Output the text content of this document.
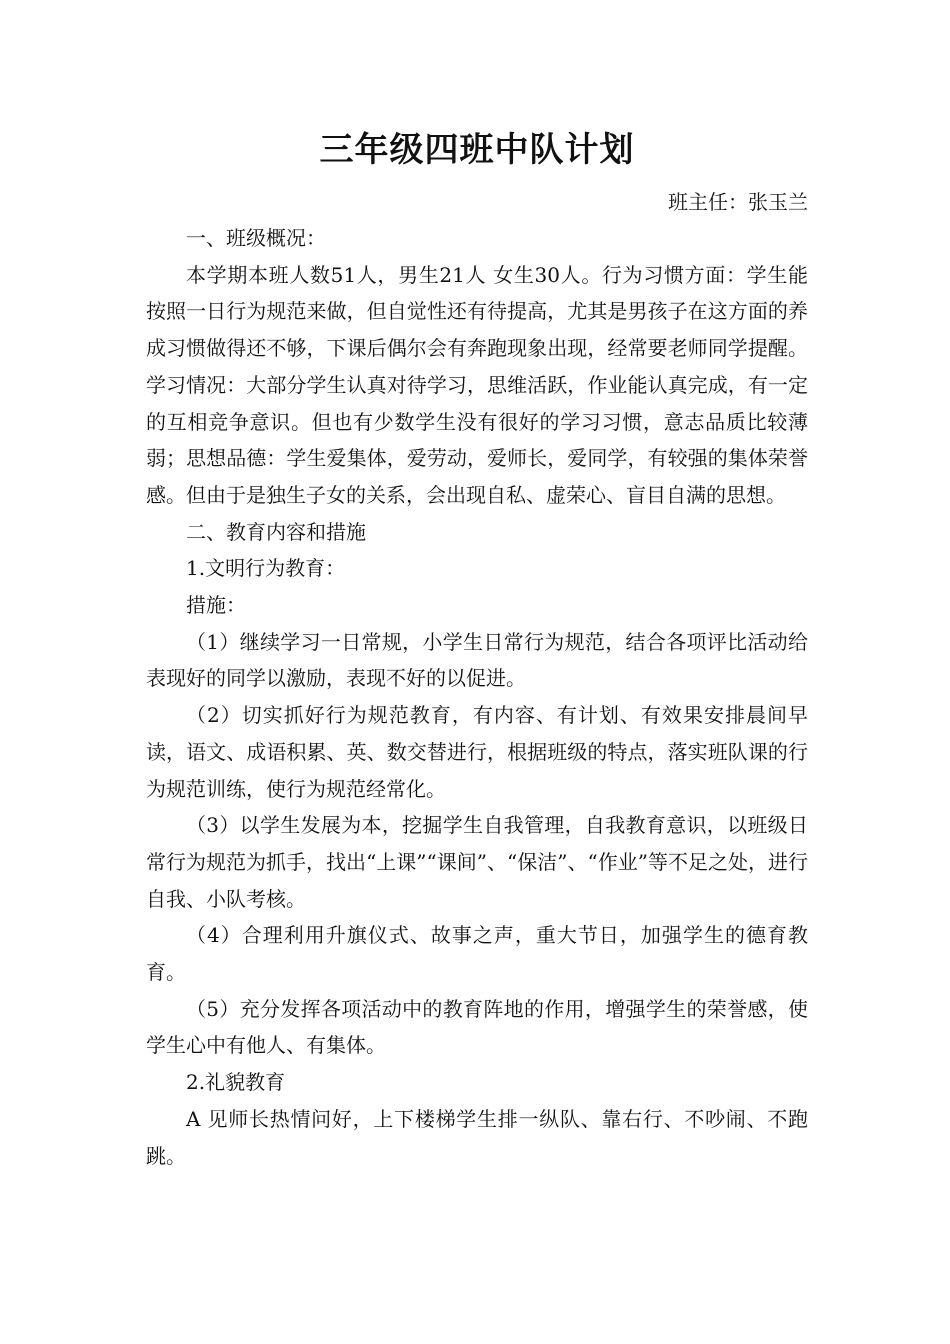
三年级四班中队计划

班主任：张玉兰

一、班级概况：

本学期本班人数51人，男生21人 女生30人。行为习惯方面：学生能按照一日行为规范来做，但自觉性还有待提高，尤其是男孩子在这方面的养成习惯做得还不够，下课后偶尔会有奔跑现象出现，经常要老师同学提醒。学习情况：大部分学生认真对待学习，思维活跃，作业能认真完成，有一定的互相竞争意识。但也有少数学生没有很好的学习习惯，意志品质比较薄弱；思想品德：学生爱集体，爱劳动，爱师长，爱同学，有较强的集体荣誉感。但由于是独生子女的关系，会出现自私、虚荣心、盲目自满的思想。

二、教育内容和措施

1.文明行为教育：

措施：

（1）继续学习一日常规，小学生日常行为规范，结合各项评比活动给表现好的同学以激励，表现不好的以促进。

（2）切实抓好行为规范教育，有内容、有计划、有效果安排晨间早读，语文、成语积累、英、数交替进行，根据班级的特点，落实班队课的行为规范训练，使行为规范经常化。

（3）以学生发展为本，挖掘学生自我管理，自我教育意识，以班级日常行为规范为抓手，找出“上课”“课间”、“保洁”、“作业”等不足之处，进行自我、小队考核。

（4）合理利用升旗仪式、故事之声，重大节日，加强学生的德育教育。

（5）充分发挥各项活动中的教育阵地的作用，增强学生的荣誉感，使学生心中有他人、有集体。

2.礼貌教育

A 见师长热情问好，上下楼梯学生排一纵队、靠右行、不吵闹、不跑跳。
